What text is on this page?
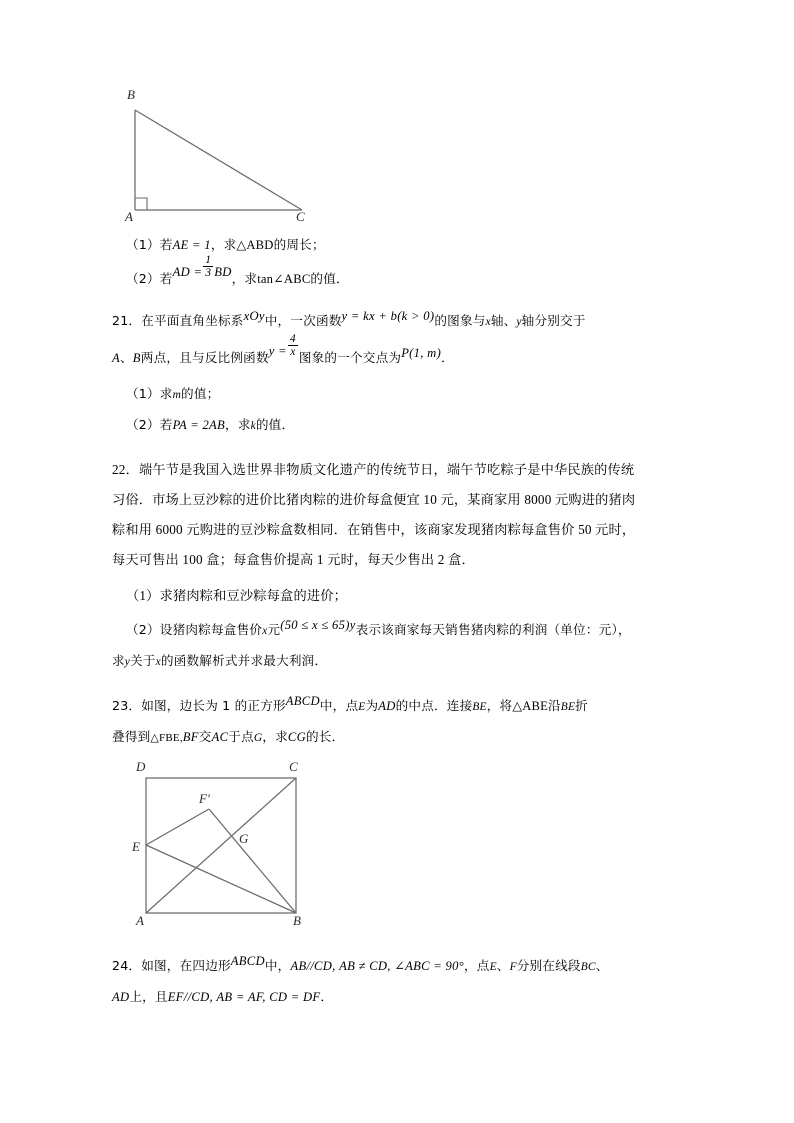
B
A	C
（1）若AE = 1，求△ABD的周长；
（2）若AD = $\frac{1}{3}$ BD，求tan∠ABC的值．
21．在平面直角坐标系xOy中，一次函数y = kx + b(k > 0)的图象与x轴、y轴分别交于
A、B两点，且与反比例函数$y = \frac{4}{x}$ 图象的一个交点为P(1, m)．
（1）求m的值；
（2）若PA = 2AB，求k的值．
22．端午节是我国入选世界非物质文化遗产的传统节日，端午节吃粽子是中华民族的传统
习俗．市场上豆沙粽的进价比猪肉粽的进价每盒便宜 10 元，某商家用 8000 元购进的猪肉
粽和用 6000 元购进的豆沙粽盒数相同．在销售中，该商家发现猪肉粽每盒售价 50 元时，
每天可售出 100 盒；每盒售价提高 1 元时，每天少售出 2 盒．
（1）求猪肉粽和豆沙粽每盒的进价；
（2）设猪肉粽每盒售价x元(50 ≤ x ≤ 65)y表示该商家每天销售猪肉粽的利润（单位：元），
求y关于x的函数解析式并求最大利润．
23．如图，边长为 1 的正方形ABCD中，点E为AD的中点．连接BE，将△ABE沿BE折
叠得到△FBE,BF交AC于点G，求CG的长．
D	C
F'
E
G
A	B
24．如图，在四边形ABCD中，AB//CD, AB ≠ CD, ∠ABC = 90°，点E、F分别在线段BC、
AD上，且EF//CD, AB = AF, CD = DF．
